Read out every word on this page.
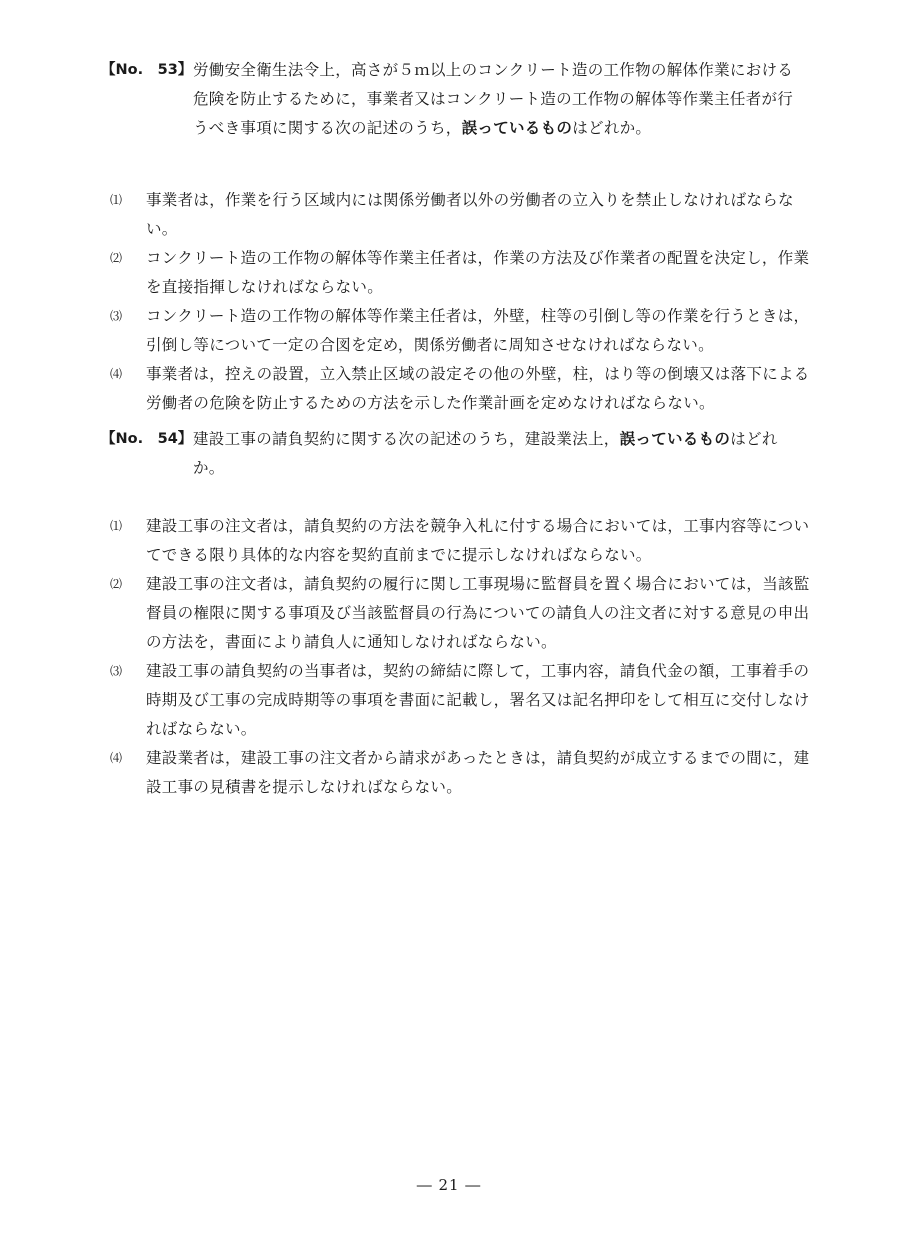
【No.　53】 労働安全衛生法令上，高さが５ｍ以上のコンクリート造の工作物の解体作業における危険を防止するために，事業者又はコンクリート造の工作物の解体等作業主任者が行うべき事項に関する次の記述のうち，誤っているものはどれか。
⑴ 事業者は，作業を行う区域内には関係労働者以外の労働者の立入りを禁止しなければならない。
⑵ コンクリート造の工作物の解体等作業主任者は，作業の方法及び作業者の配置を決定し，作業を直接指揮しなければならない。
⑶ コンクリート造の工作物の解体等作業主任者は，外壁，柱等の引倒し等の作業を行うときは，引倒し等について一定の合図を定め，関係労働者に周知させなければならない。
⑷ 事業者は，控えの設置，立入禁止区域の設定その他の外壁，柱，はり等の倒壊又は落下による労働者の危険を防止するための方法を示した作業計画を定めなければならない。
【No.　54】 建設工事の請負契約に関する次の記述のうち，建設業法上，誤っているものはどれか。
⑴ 建設工事の注文者は，請負契約の方法を競争入札に付する場合においては，工事内容等についてできる限り具体的な内容を契約直前までに提示しなければならない。
⑵ 建設工事の注文者は，請負契約の履行に関し工事現場に監督員を置く場合においては，当該監督員の権限に関する事項及び当該監督員の行為についての請負人の注文者に対する意見の申出の方法を，書面により請負人に通知しなければならない。
⑶ 建設工事の請負契約の当事者は，契約の締結に際して，工事内容，請負代金の額，工事着手の時期及び工事の完成時期等の事項を書面に記載し，署名又は記名押印をして相互に交付しなければならない。
⑷ 建設業者は，建設工事の注文者から請求があったときは，請負契約が成立するまでの間に，建設工事の見積書を提示しなければならない。
― 21 ―
